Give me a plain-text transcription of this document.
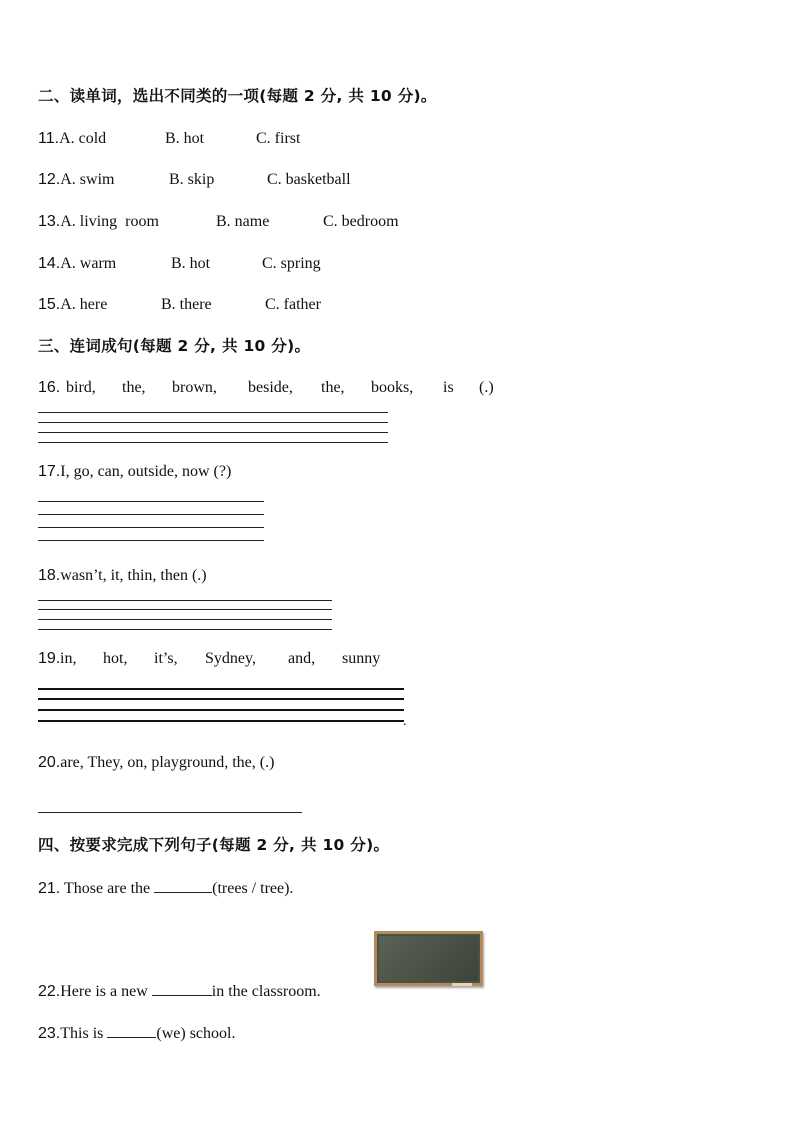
二、读单词，选出不同类的一项(每题 2 分, 共 10 分)。
11.A. cold	B. hot	C. first
12.A. swim	B. skip	C. basketball
13.A. living  room	B. name	C. bedroom
14.A. warm	B. hot	C. spring
15.A. here	B. there	C. father
三、连词成句(每题 2 分, 共 10 分)。
16. bird, the, brown, beside, the, books, is (.)
17.I, go, can, outside, now (?)
18.wasn’t, it, thin, then (.)
19. in, hot, it’s, Sydney, and, sunny
.
20.are, They, on, playground, the, (.)
四、按要求完成下列句子(每题 2 分, 共 10 分)。
21. Those are the	(trees / tree).
22.Here is a new	in the classroom.
23.This is	(we) school.
